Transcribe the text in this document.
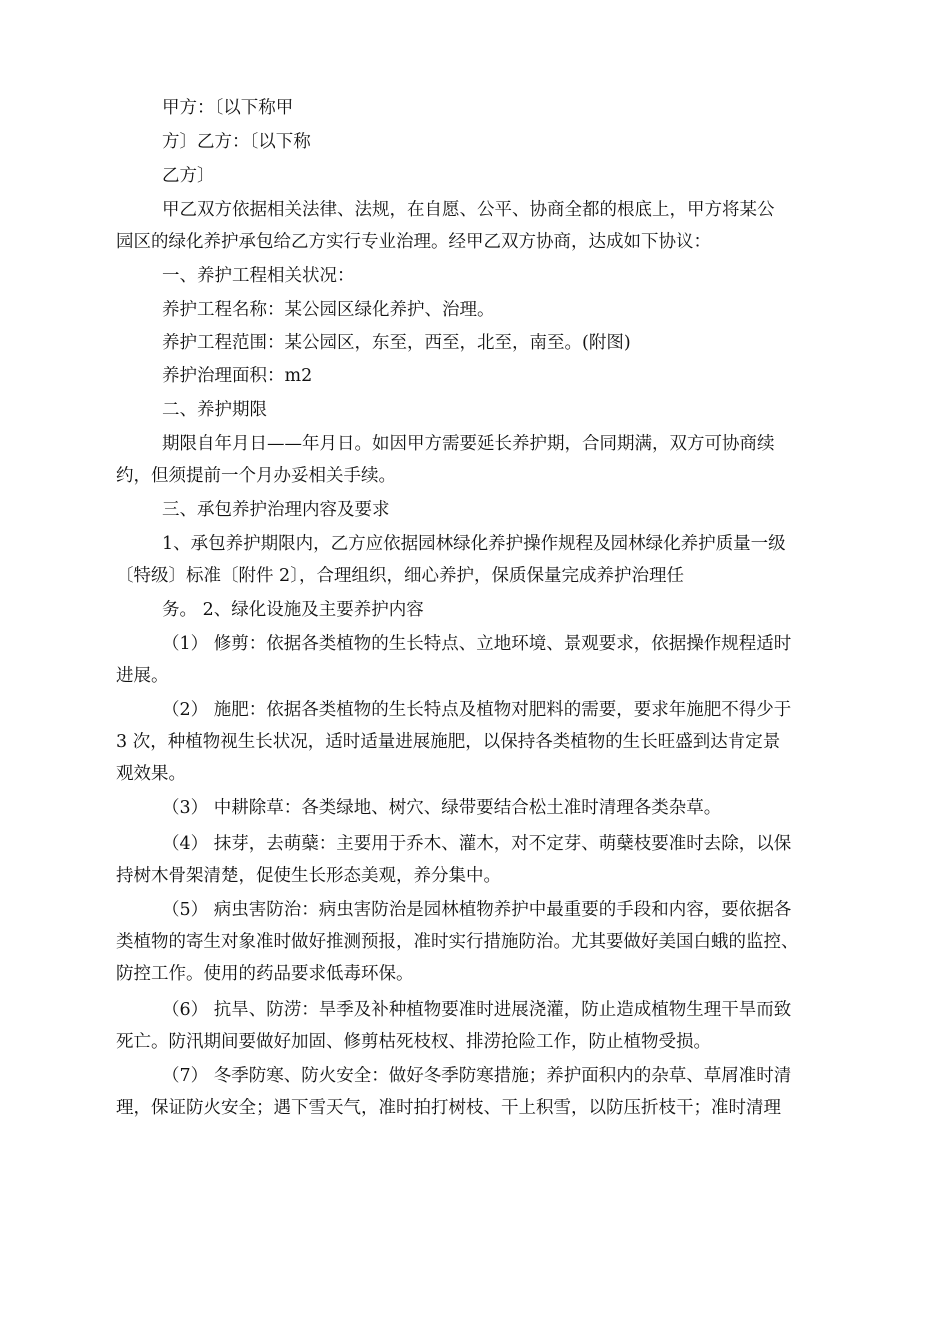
甲方：〔以下称甲
方〕乙方：〔以下称
乙方〕
甲乙双方依据相关法律、法规，在自愿、公平、协商全都的根底上，甲方将某公
园区的绿化养护承包给乙方实行专业治理。经甲乙双方协商，达成如下协议：
一、养护工程相关状况：
养护工程名称：某公园区绿化养护、治理。
养护工程范围：某公园区，东至，西至，北至，南至。(附图)
养护治理面积：m2
二、养护期限
期限自年月日——年月日。如因甲方需要延长养护期，合同期满，双方可协商续
约，但须提前一个月办妥相关手续。
三、承包养护治理内容及要求
1、承包养护期限内，乙方应依据园林绿化养护操作规程及园林绿化养护质量一级
〔特级〕标准〔附件 2〕，合理组织，细心养护，保质保量完成养护治理任
务。 2、绿化设施及主要养护内容
（1） 修剪：依据各类植物的生长特点、立地环境、景观要求，依据操作规程适时
进展。
（2） 施肥：依据各类植物的生长特点及植物对肥料的需要，要求年施肥不得少于
3 次，种植物视生长状况，适时适量进展施肥，以保持各类植物的生长旺盛到达肯定景
观效果。
（3） 中耕除草：各类绿地、树穴、绿带要结合松土准时清理各类杂草。
（4） 抹芽，去萌蘖：主要用于乔木、灌木，对不定芽、萌蘖枝要准时去除，以保
持树木骨架清楚，促使生长形态美观，养分集中。
（5） 病虫害防治：病虫害防治是园林植物养护中最重要的手段和内容，要依据各
类植物的寄生对象准时做好推测预报，准时实行措施防治。尤其要做好美国白蛾的监控、
防控工作。使用的药品要求低毒环保。
（6） 抗旱、防涝：旱季及补种植物要准时进展浇灌，防止造成植物生理干旱而致
死亡。防汛期间要做好加固、修剪枯死枝杈、排涝抢险工作，防止植物受损。
（7） 冬季防寒、防火安全：做好冬季防寒措施；养护面积内的杂草、草屑准时清
理，保证防火安全；遇下雪天气，准时拍打树枝、干上积雪，以防压折枝干；准时清理
